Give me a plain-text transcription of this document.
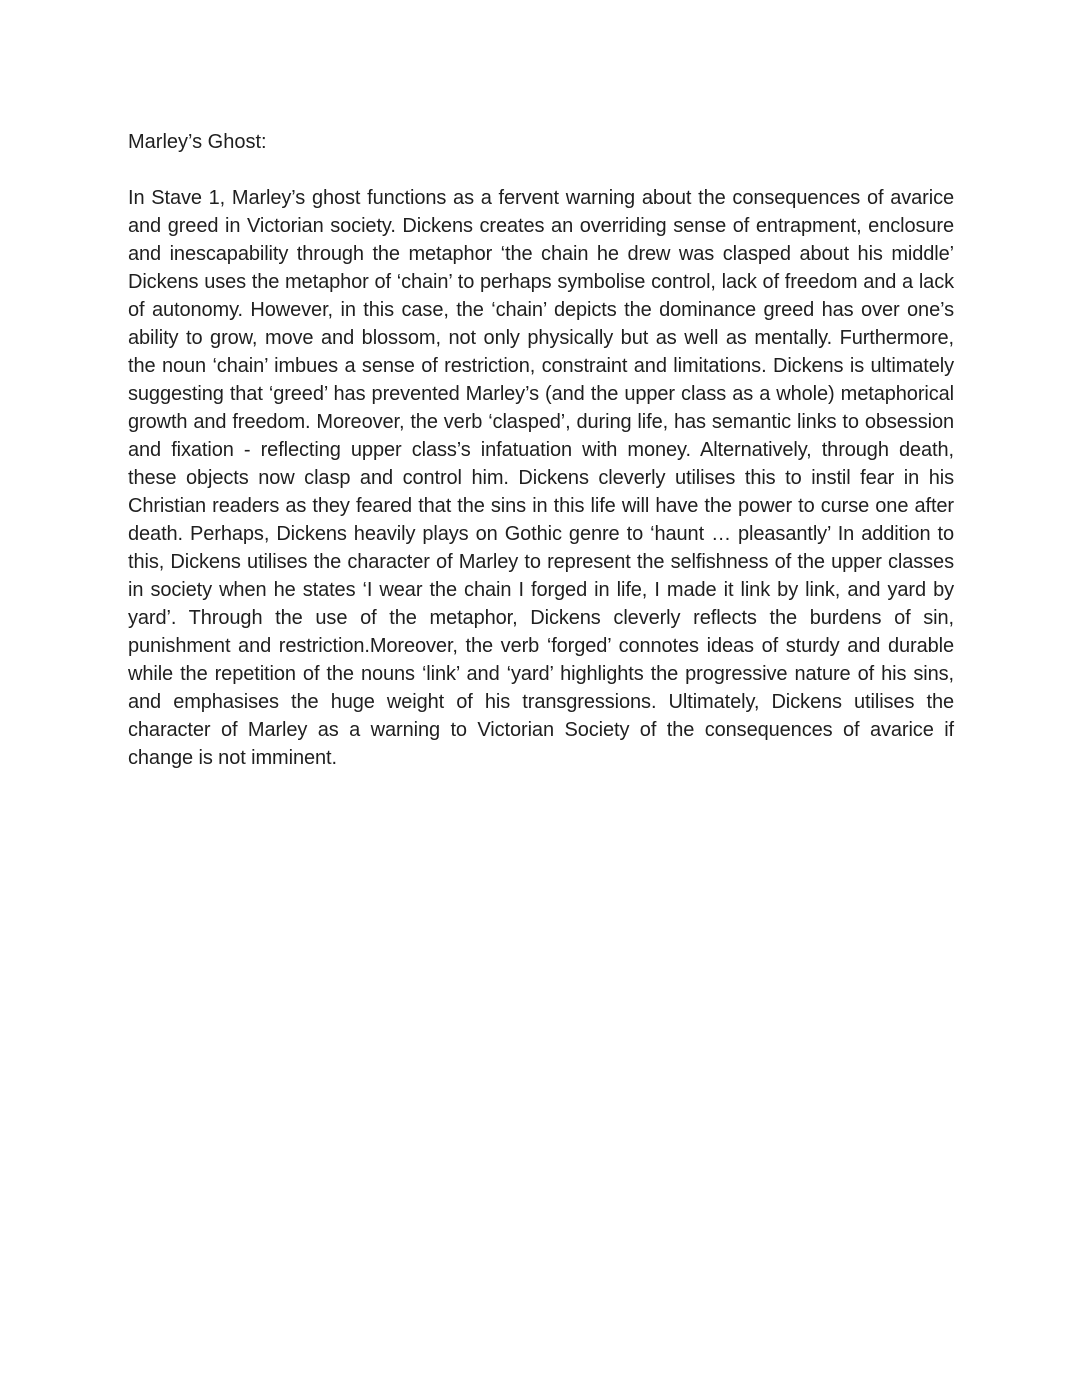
Marley’s Ghost:

In Stave 1, Marley’s ghost functions as a fervent warning about the consequences of avarice and greed in Victorian society. Dickens creates an overriding sense of entrapment, enclosure and inescapability through the metaphor ‘the chain he drew was clasped about his middle’ Dickens uses the metaphor of ‘chain’ to perhaps symbolise control, lack of freedom and a lack of autonomy. However, in this case, the ‘chain’ depicts the dominance greed has over one’s ability to grow, move and blossom, not only physically but as well as mentally. Furthermore, the noun ‘chain’ imbues a sense of restriction, constraint and limitations. Dickens is ultimately suggesting that ‘greed’ has prevented Marley’s (and the upper class as a whole) metaphorical growth and freedom. Moreover, the verb ‘clasped’, during life, has semantic links to obsession and fixation - reflecting upper class’s infatuation with money. Alternatively, through death, these objects now clasp and control him. Dickens cleverly utilises this to instil fear in his Christian readers as they feared that the sins in this life will have the power to curse one after death. Perhaps, Dickens heavily plays on Gothic genre to ‘haunt … pleasantly’ In addition to this, Dickens utilises the character of Marley to represent the selfishness of the upper classes in society when he states ‘I wear the chain I forged in life, I made it link by link, and yard by yard’. Through the use of the metaphor, Dickens cleverly reflects the burdens of sin, punishment and restriction.Moreover, the verb ‘forged’ connotes ideas of sturdy and durable while the repetition of the nouns ‘link’ and ‘yard’ highlights the progressive nature of his sins, and emphasises the huge weight of his transgressions. Ultimately, Dickens utilises the character of Marley as a warning to Victorian Society of the consequences of avarice if change is not imminent.
